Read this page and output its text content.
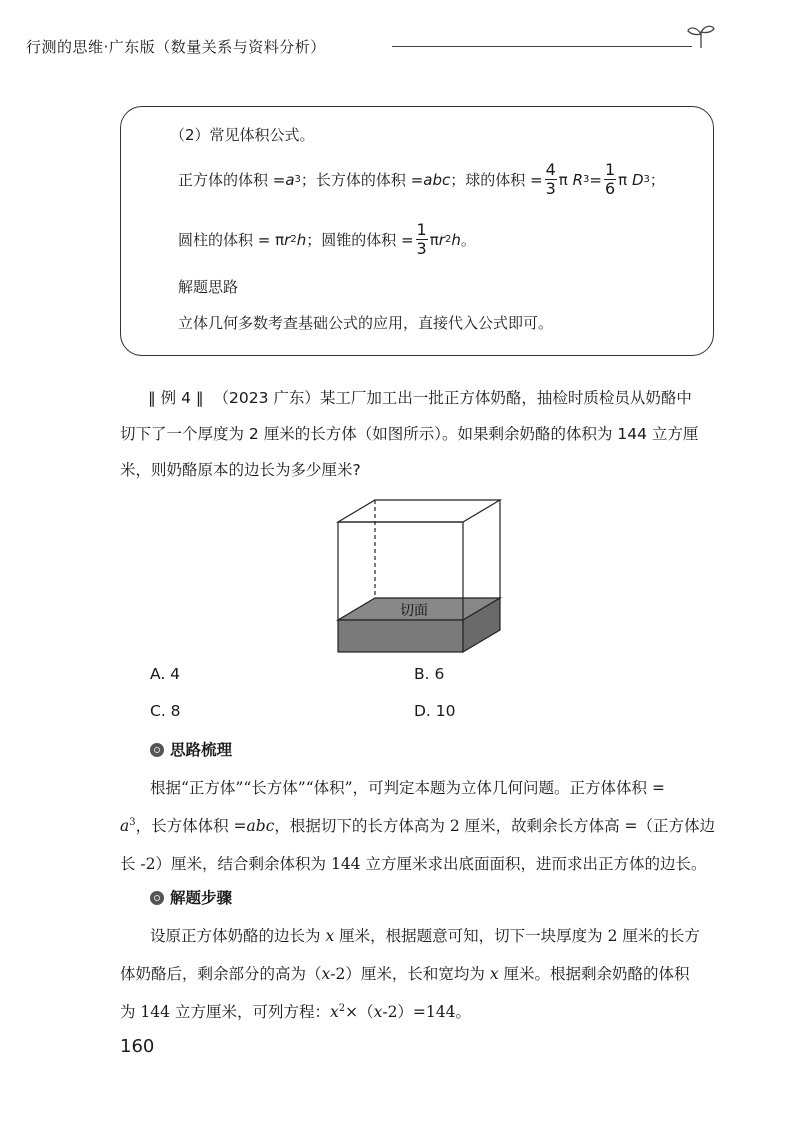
行测的思维·广东版（数量关系与资料分析）
（2）常见体积公式。
正方体的体积 = a 3 ；长方体的体积 = abc ；球的体积 = $\frac{4}{3}$ π
R $3 = \frac{1}{6}$ π
D 3 ；
圆柱的体积 = π r 2 h ；圆锥的体积 = $\frac{1}{3}$ π r 2 h 。
解题思路
立体几何多数考查基础公式的应用，直接代入公式即可。
‖ 例 4 ‖ （2023 广东）某工厂加工出一批正方体奶酪，抽检时质检员从奶酪中
切下了一个厚度为 2 厘米的长方体（如图所示）。如果剩余奶酪的体积为 144 立方厘
米，则奶酪原本的边长为多少厘米?
切面
A. 4	B. 6
C. 8	D. 10
思路梳理
根据“正方体”“长方体”“体积”，可判定本题为立体几何问题。正方体体积 =
$a^3$，长方体体积 =abc，根据切下的长方体高为 2 厘米，故剩余长方体高 =（正方体边
长 -2）厘米，结合剩余体积为 144 立方厘米求出底面面积，进而求出正方体的边长。
解题步骤
设原正方体奶酪的边长为 x 厘米，根据题意可知，切下一块厚度为 2 厘米的长方
体奶酪后，剩余部分的高为（x-2）厘米，长和宽均为 x 厘米。根据剩余奶酪的体积
为 144 立方厘米，可列方程：$x^2\times(x-2)=144$。
160
